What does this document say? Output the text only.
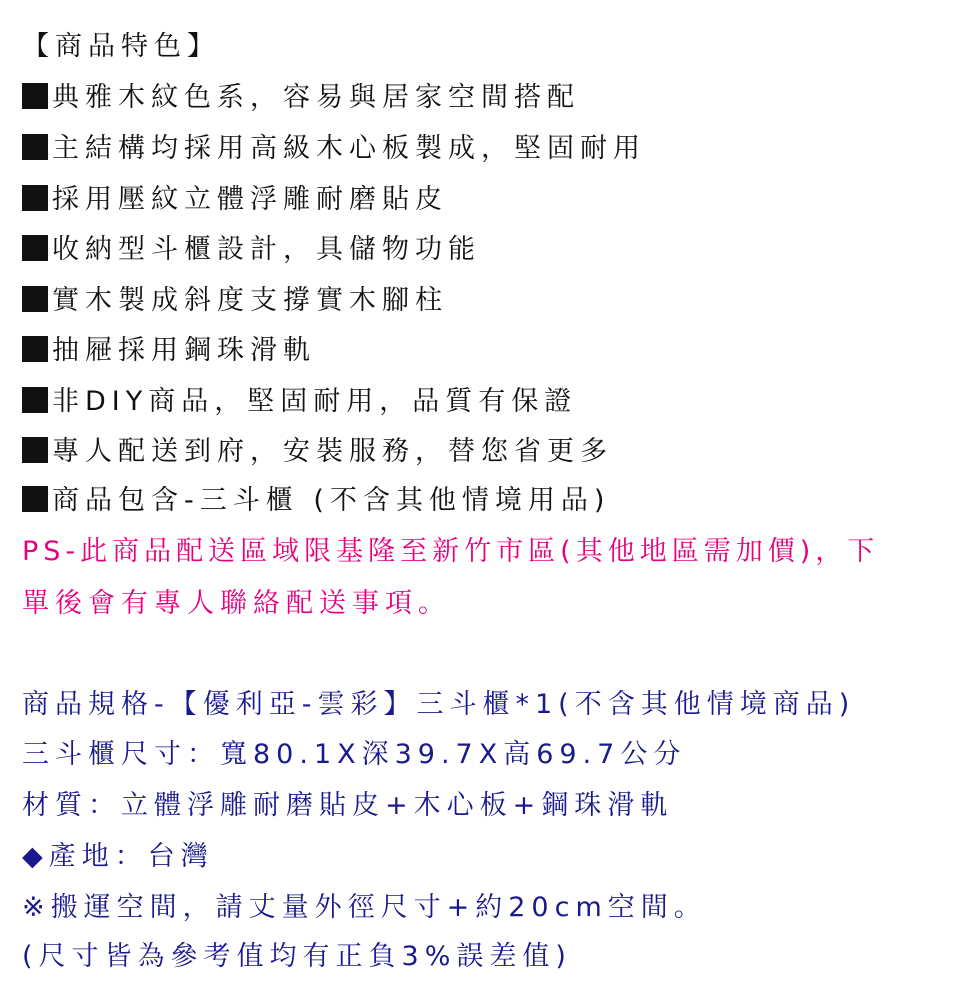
【商品特色】
典雅木紋色系，容易與居家空間搭配
主結構均採用高級木心板製成，堅固耐用
採用壓紋立體浮雕耐磨貼皮
收納型斗櫃設計，具儲物功能
實木製成斜度支撐實木腳柱
抽屜採用鋼珠滑軌
非DIY商品，堅固耐用，品質有保證
專人配送到府，安裝服務，替您省更多
商品包含-三斗櫃 (不含其他情境用品)
PS-此商品配送區域限基隆至新竹市區(其他地區需加價)，下
單後會有專人聯絡配送事項。
商品規格-【優利亞-雲彩】三斗櫃*1(不含其他情境商品)
三斗櫃尺寸：寬80.1X深39.7X高69.7公分
材質：立體浮雕耐磨貼皮+木心板+鋼珠滑軌
◆產地：台灣
※搬運空間，請丈量外徑尺寸+約20cm空間。
(尺寸皆為參考值均有正負3%誤差值)
